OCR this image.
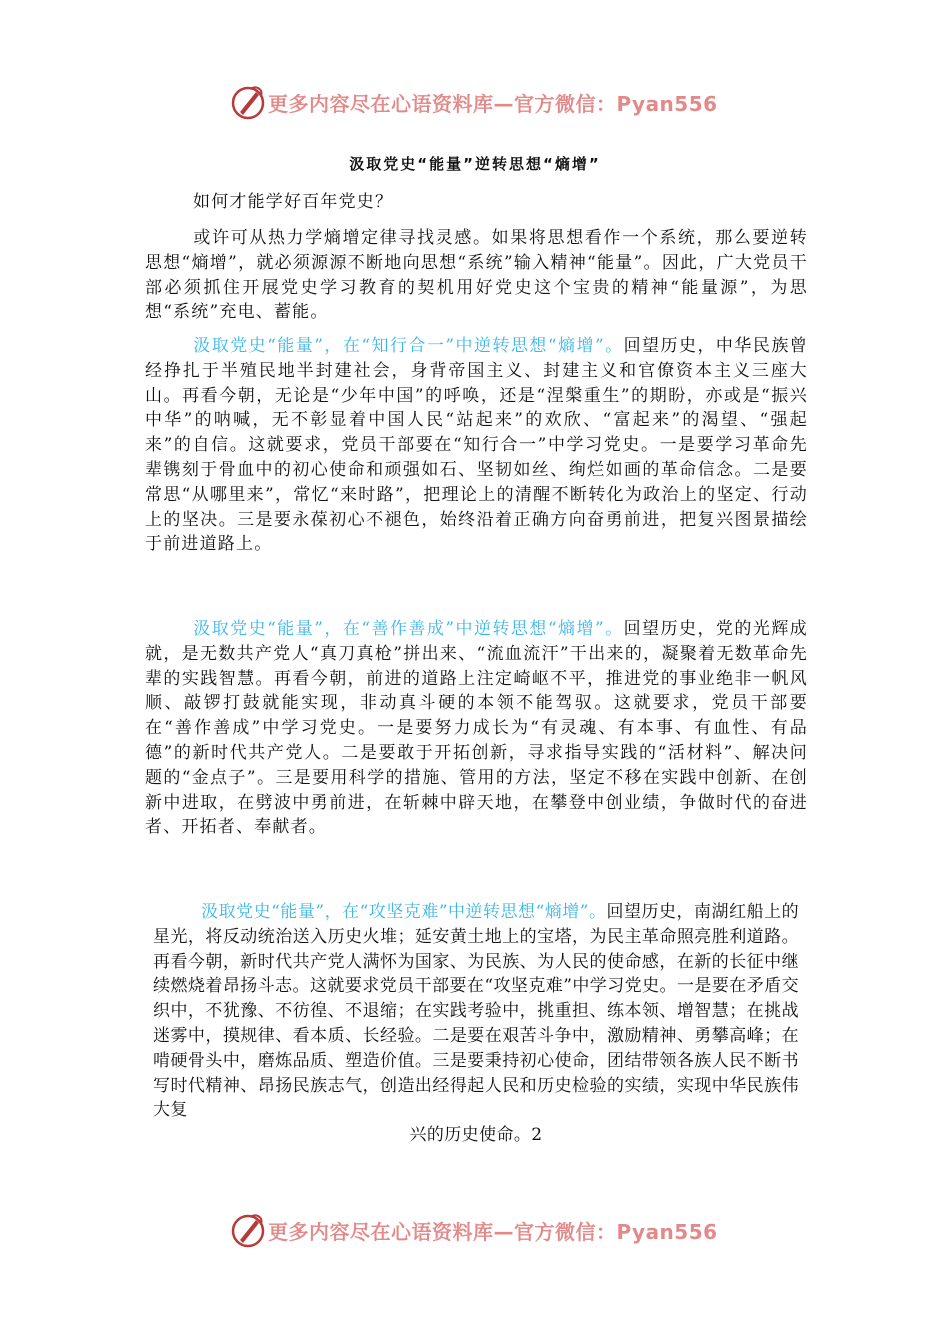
更多内容尽在心语资料库—官方微信：Pyan556
汲取党史“能量”逆转思想“熵增”
如何才能学好百年党史？
或许可从热力学熵增定律寻找灵感。如果将思想看作一个系统，那么要逆转思想“熵增”，就必须源源不断地向思想“系统”输入精神“能量”。因此，广大党员干部必须抓住开展党史学习教育的契机用好党史这个宝贵的精神“能量源”，为思想“系统”充电、蓄能。
汲取党史“能量”，在“知行合一”中逆转思想“熵增”。回望历史，中华民族曾经挣扎于半殖民地半封建社会，身背帝国主义、封建主义和官僚资本主义三座大山。再看今朝，无论是“少年中国”的呼唤，还是“涅槃重生”的期盼，亦或是“振兴中华”的呐喊，无不彰显着中国人民“站起来”的欢欣、“富起来”的渴望、“强起来”的自信。这就要求，党员干部要在“知行合一”中学习党史。一是要学习革命先辈镌刻于骨血中的初心使命和顽强如石、坚韧如丝、绚烂如画的革命信念。二是要常思“从哪里来”，常忆“来时路”，把理论上的清醒不断转化为政治上的坚定、行动上的坚决。三是要永葆初心不褪色，始终沿着正确方向奋勇前进，把复兴图景描绘于前进道路上。
汲取党史“能量”，在“善作善成”中逆转思想“熵增”。回望历史，党的光辉成就，是无数共产党人“真刀真枪”拼出来、“流血流汗”干出来的，凝聚着无数革命先辈的实践智慧。再看今朝，前进的道路上注定崎岖不平，推进党的事业绝非一帆风顺、敲锣打鼓就能实现，非动真斗硬的本领不能驾驭。这就要求，党员干部要在“善作善成”中学习党史。一是要努力成长为“有灵魂、有本事、有血性、有品德”的新时代共产党人。二是要敢于开拓创新，寻求指导实践的“活材料”、解决问题的“金点子”。三是要用科学的措施、管用的方法，坚定不移在实践中创新、在创新中进取，在劈波中勇前进，在斩棘中辟天地，在攀登中创业绩，争做时代的奋进者、开拓者、奉献者。
汲取党史“能量”，在“攻坚克难”中逆转思想“熵增”。回望历史，南湖红船上的星光，将反动统治送入历史火堆；延安黄土地上的宝塔，为民主革命照亮胜利道路。再看今朝，新时代共产党人满怀为国家、为民族、为人民的使命感，在新的长征中继续燃烧着昂扬斗志。这就要求党员干部要在“攻坚克难”中学习党史。一是要在矛盾交织中，不犹豫、不彷徨、不退缩；在实践考验中，挑重担、练本领、增智慧；在挑战迷雾中，摸规律、看本质、长经验。二是要在艰苦斗争中，激励精神、勇攀高峰；在啃硬骨头中，磨炼品质、塑造价值。三是要秉持初心使命，团结带领各族人民不断书写时代精神、昂扬民族志气，创造出经得起人民和历史检验的实绩，实现中华民族伟大复
兴的历史使命。2
更多内容尽在心语资料库—官方微信：Pyan556
